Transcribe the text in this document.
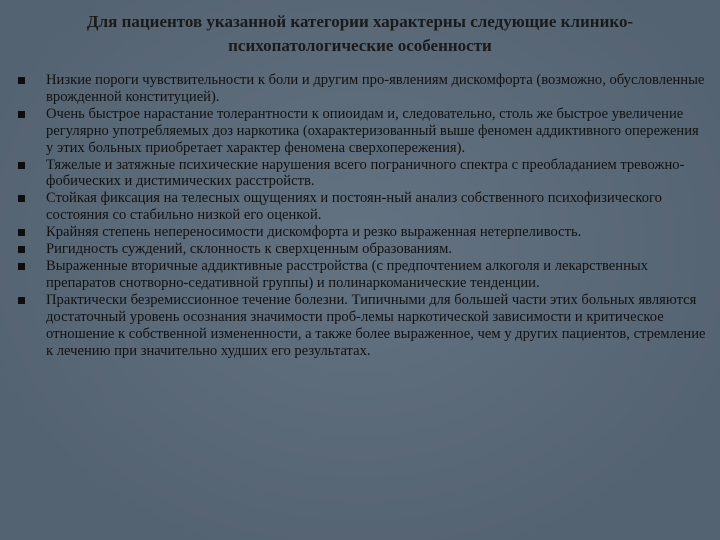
Для пациентов указанной категории характерны следующие клинико-психопатологические особенности
Низкие пороги чувствительности к боли и другим про-явлениям дискомфорта (возможно, обусловленные врожденной конституцией).
Очень быстрое нарастание толерантности к опиоидам и, следовательно, столь же быстрое увеличение регулярно употребляемых доз наркотика (охарактеризованный выше феномен аддиктивного опережения у этих больных приобретает характер феномена сверхопережения).
Тяжелые и затяжные психические нарушения всего пограничного спектра с преобладанием тревожно-фобических и дистимических расстройств.
Стойкая фиксация на телесных ощущениях и постоян-ный анализ собственного психофизического состояния со стабильно низкой его оценкой.
Крайняя степень непереносимости дискомфорта и резко выраженная нетерпеливость.
Ригидность суждений, склонность к сверхценным образованиям.
Выраженные вторичные аддиктивные расстройства (с предпочтением алкоголя и лекарственных препаратов снотворно-седативной группы) и полинаркоманические тенденции.
Практически безремиссионное течение болезни. Типичными для большей части этих больных являются достаточный уровень осознания значимости проб-лемы наркотической зависимости и критическое отношение к собственной измененности, а также более выраженное, чем у других пациентов, стремление к лечению при значительно худших его результатах.
